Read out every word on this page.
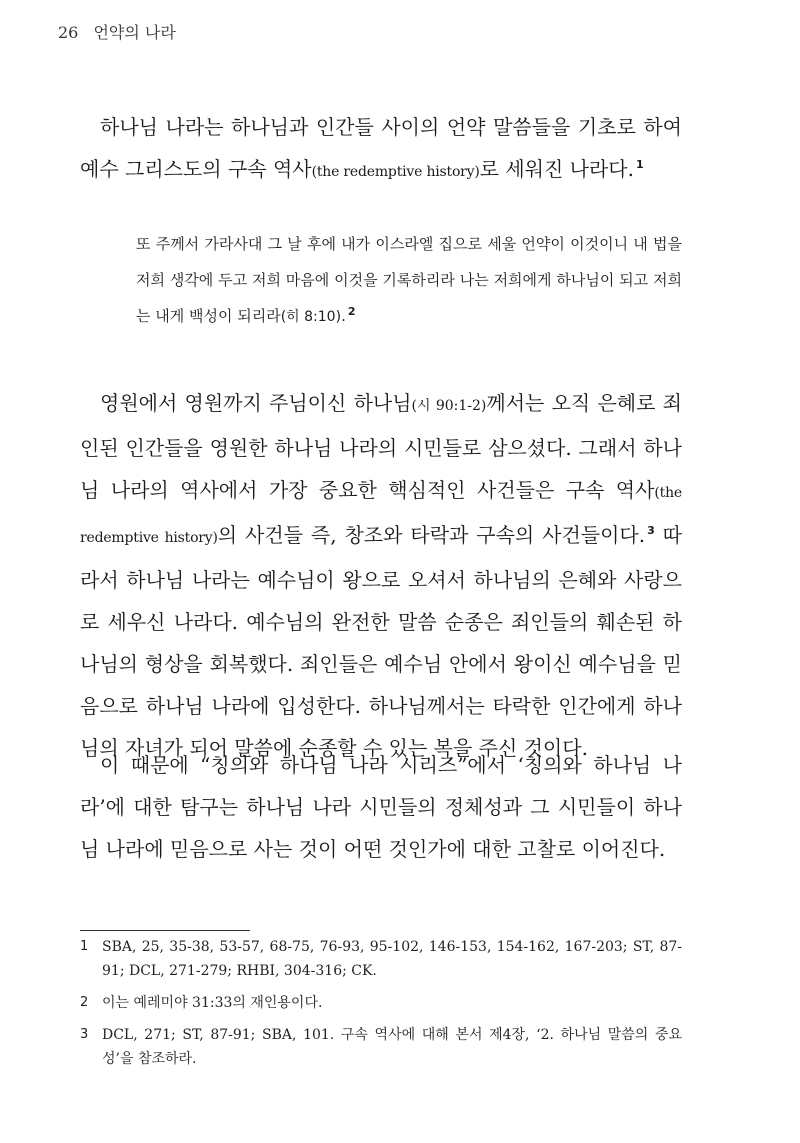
26 언약의 나라

하나님 나라는 하나님과 인간들 사이의 언약 말씀들을 기초로 하여 예수 그리스도의 구속 역사(the redemptive history)로 세워진 나라다. $^1$

또 주께서 가라사대 그 날 후에 내가 이스라엘 집으로 세울 언약이 이것이니 내 법을 저희 생각에 두고 저희 마음에 이것을 기록하리라 나는 저희에게 하나님이 되고 저희는 내게 백성이 되리라(히 8:10). $^2$

영원에서 영원까지 주님이신 하나님(시 90:1-2)께서는 오직 은혜로 죄인된 인간들을 영원한 하나님 나라의 시민들로 삼으셨다. 그래서 하나님 나라의 역사에서 가장 중요한 핵심적인 사건들은 구속 역사(the redemptive history)의 사건들 즉, 창조와 타락과 구속의 사건들이다. $^3$ 따라서 하나님 나라는 예수님이 왕으로 오셔서 하나님의 은혜와 사랑으로 세우신 나라다. 예수님의 완전한 말씀 순종은 죄인들의 훼손된 하나님의 형상을 회복했다. 죄인들은 예수님 안에서 왕이신 예수님을 믿음으로 하나님 나라에 입성한다. 하나님께서는 타락한 인간에게 하나님의 자녀가 되어 말씀에 순종할 수 있는 복을 주신 것이다.

이 때문에 “칭의와 하나님 나라 시리즈”에서 ‘칭의와 하나님 나라’에 대한 탐구는 하나님 나라 시민들의 정체성과 그 시민들이 하나님 나라에 믿음으로 사는 것이 어떤 것인가에 대한 고찰로 이어진다.

1 SBA, 25, 35-38, 53-57, 68-75, 76-93, 95-102, 146-153, 154-162, 167-203; ST, 87-91; DCL, 271-279; RHBI, 304-316; CK.
2 이는 예레미야 31:33의 재인용이다.
3 DCL, 271; ST, 87-91; SBA, 101. 구속 역사에 대해 본서 제4장, ‘2. 하나님 말씀의 중요성’을 참조하라.
